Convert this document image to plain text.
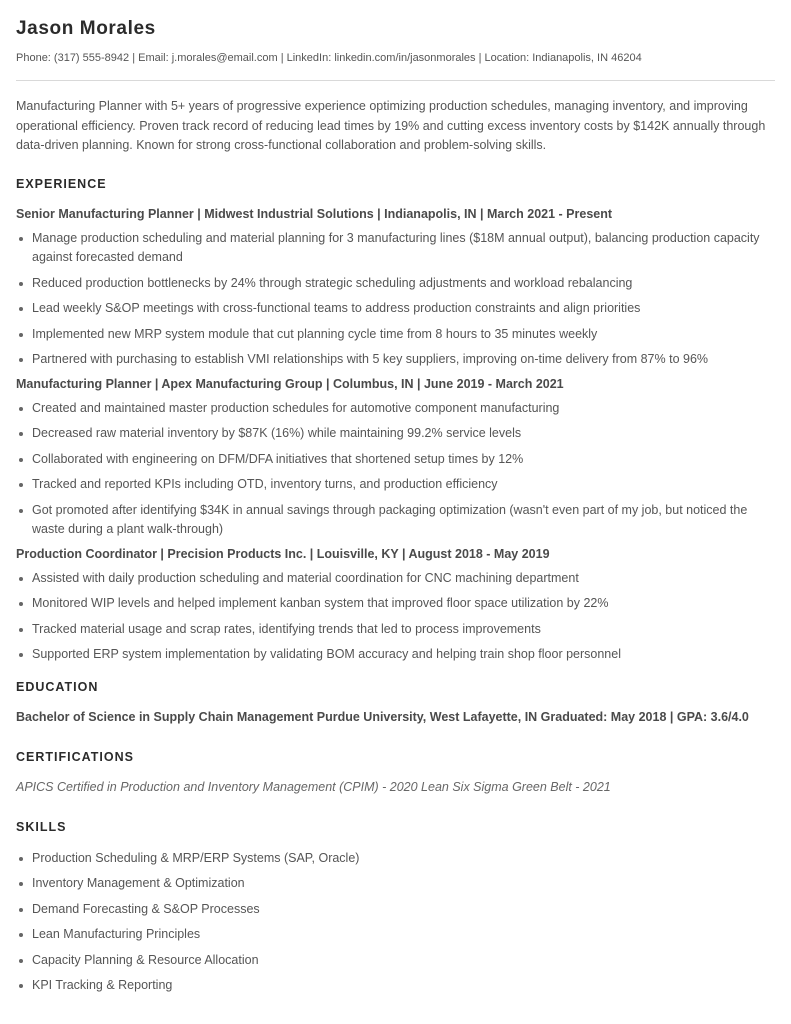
Jason Morales

Phone: (317) 555-8942 | Email: j.morales@email.com | LinkedIn: linkedin.com/in/jasonmorales | Location: Indianapolis, IN 46204

Manufacturing Planner with 5+ years of progressive experience optimizing production schedules, managing inventory, and improving operational efficiency. Proven track record of reducing lead times by 19% and cutting excess inventory costs by $142K annually through data-driven planning. Known for strong cross-functional collaboration and problem-solving skills.

EXPERIENCE
Senior Manufacturing Planner | Midwest Industrial Solutions | Indianapolis, IN | March 2021 - Present
Manage production scheduling and material planning for 3 manufacturing lines ($18M annual output), balancing production capacity against forecasted demand
Reduced production bottlenecks by 24% through strategic scheduling adjustments and workload rebalancing
Lead weekly S&OP meetings with cross-functional teams to address production constraints and align priorities
Implemented new MRP system module that cut planning cycle time from 8 hours to 35 minutes weekly
Partnered with purchasing to establish VMI relationships with 5 key suppliers, improving on-time delivery from 87% to 96%
Manufacturing Planner | Apex Manufacturing Group | Columbus, IN | June 2019 - March 2021
Created and maintained master production schedules for automotive component manufacturing
Decreased raw material inventory by $87K (16%) while maintaining 99.2% service levels
Collaborated with engineering on DFM/DFA initiatives that shortened setup times by 12%
Tracked and reported KPIs including OTD, inventory turns, and production efficiency
Got promoted after identifying $34K in annual savings through packaging optimization (wasn't even part of my job, but noticed the waste during a plant walk-through)
Production Coordinator | Precision Products Inc. | Louisville, KY | August 2018 - May 2019
Assisted with daily production scheduling and material coordination for CNC machining department
Monitored WIP levels and helped implement kanban system that improved floor space utilization by 22%
Tracked material usage and scrap rates, identifying trends that led to process improvements
Supported ERP system implementation by validating BOM accuracy and helping train shop floor personnel
EDUCATION

Bachelor of Science in Supply Chain Management Purdue University, West Lafayette, IN Graduated: May 2018 | GPA: 3.6/4.0

CERTIFICATIONS

APICS Certified in Production and Inventory Management (CPIM) - 2020 Lean Six Sigma Green Belt - 2021

SKILLS
Production Scheduling & MRP/ERP Systems (SAP, Oracle)
Inventory Management & Optimization
Demand Forecasting & S&OP Processes
Lean Manufacturing Principles
Capacity Planning & Resource Allocation
KPI Tracking & Reporting
